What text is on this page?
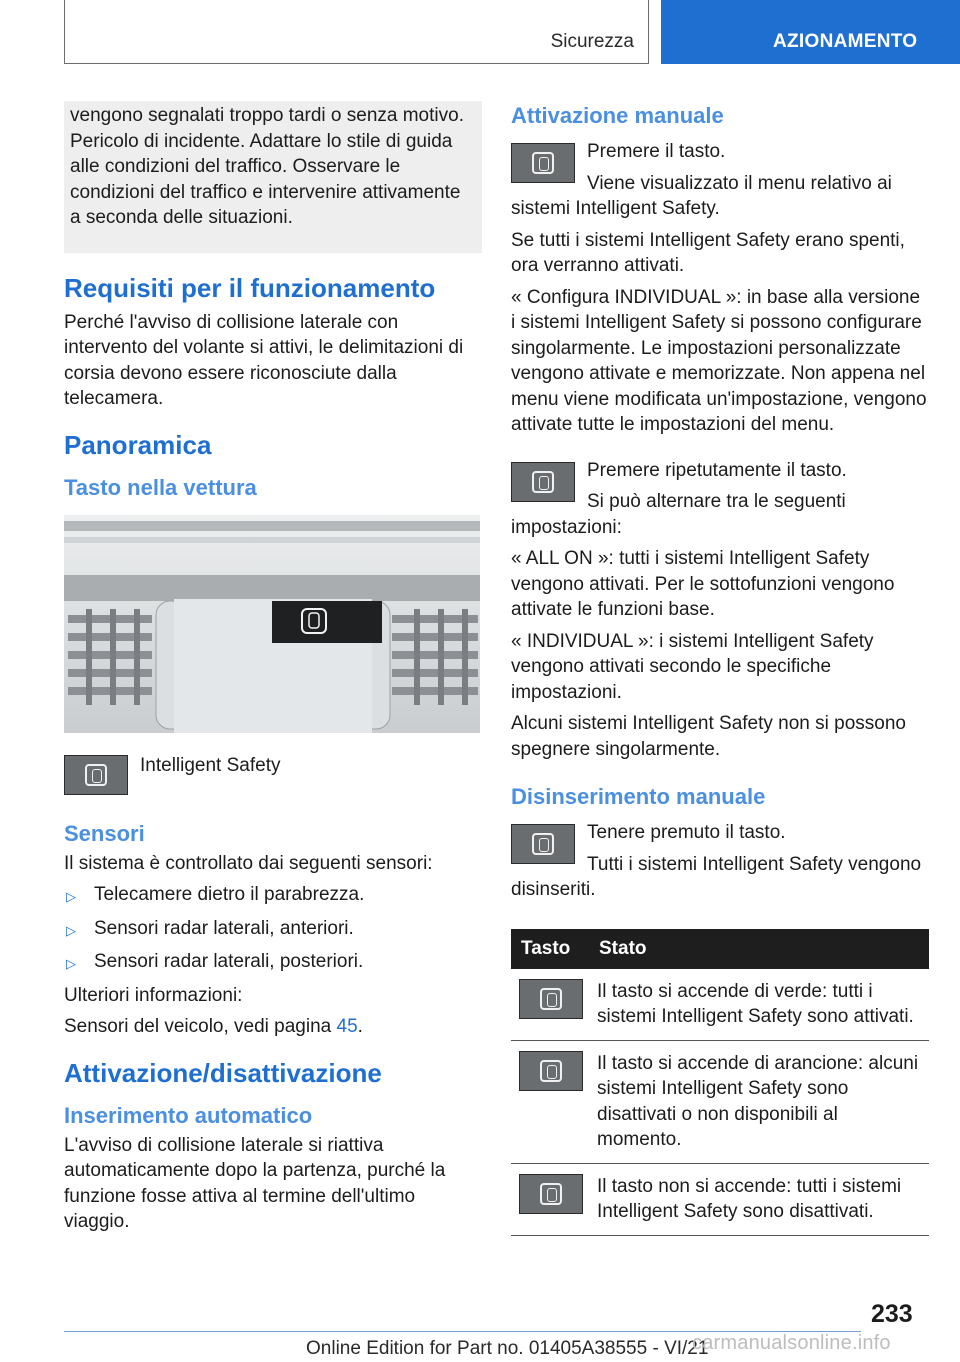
Sicurezza	AZIONAMENTO

vengono segnalati troppo tardi o senza motivo. Pericolo di incidente. Adattare lo stile di guida alle condizioni del traffico. Osservare le condizioni del traffico e intervenire attivamente a seconda delle situazioni.

Requisiti per il funzionamento

Perché l'avviso di collisione laterale con intervento del volante si attivi, le delimitazioni di corsia devono essere riconosciute dalla telecamera.

Panoramica
Tasto nella vettura

Intelligent Safety

Sensori

Il sistema è controllato dai seguenti sensori:

▷ Telecamere dietro il parabrezza.
▷ Sensori radar laterali, anteriori.
▷ Sensori radar laterali, posteriori.

Ulteriori informazioni:

Sensori del veicolo, vedi pagina 45.

Attivazione/disattivazione
Inserimento automatico

L'avviso di collisione laterale si riattiva automaticamente dopo la partenza, purché la funzione fosse attiva al termine dell'ultimo viaggio.

Attivazione manuale

Premere il tasto.

Viene visualizzato il menu relativo ai sistemi Intelligent Safety.

Se tutti i sistemi Intelligent Safety erano spenti, ora verranno attivati.

« Configura INDIVIDUAL »: in base alla versione i sistemi Intelligent Safety si possono configurare singolarmente. Le impostazioni personalizzate vengono attivate e memorizzate. Non appena nel menu viene modificata un'impostazione, vengono attivate tutte le impostazioni del menu.

Premere ripetutamente il tasto.

Si può alternare tra le seguenti impostazioni:

« ALL ON »: tutti i sistemi Intelligent Safety vengono attivati. Per le sottofunzioni vengono attivate le funzioni base.

« INDIVIDUAL »: i sistemi Intelligent Safety vengono attivati secondo le specifiche impostazioni.

Alcuni sistemi Intelligent Safety non si possono spegnere singolarmente.

Disinserimento manuale

Tenere premuto il tasto.

Tutti i sistemi Intelligent Safety vengono disinseriti.

Tasto	Stato

	Il tasto si accende di verde: tutti i sistemi Intelligent Safety sono attivati.

	Il tasto si accende di arancione: alcuni sistemi Intelligent Safety sono disattivati o non disponibili al momento.

	Il tasto non si accende: tutti i sistemi Intelligent Safety sono disattivati.
233
Online Edition for Part no. 01405A38555 - VI/21
carmanualsonline.info
